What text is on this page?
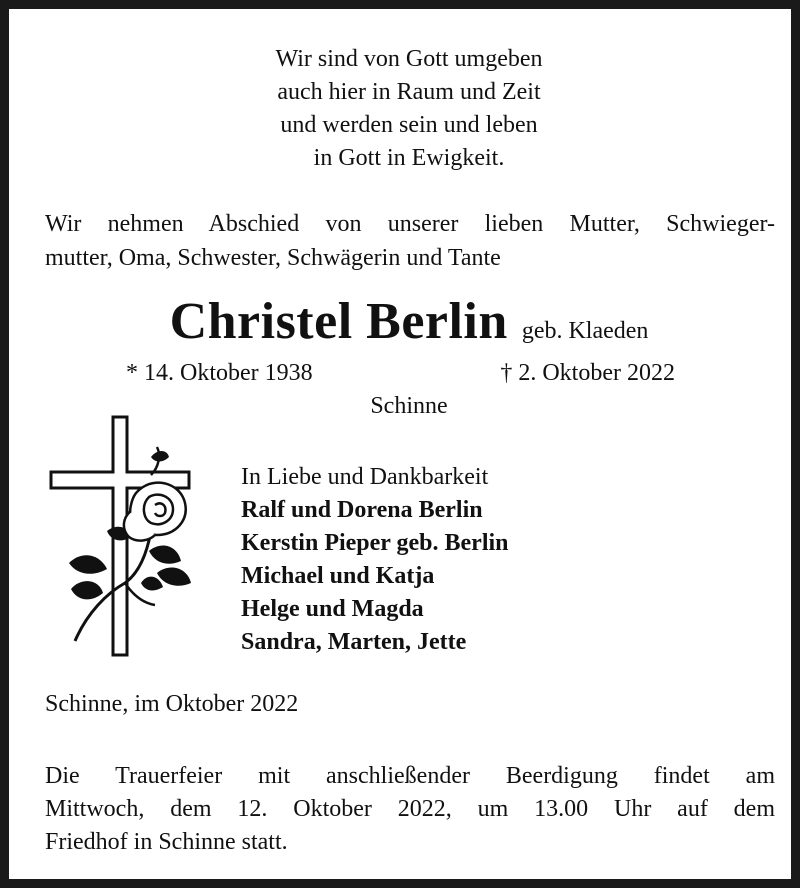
Wir sind von Gott umgeben
auch hier in Raum und Zeit
und werden sein und leben
in Gott in Ewigkeit.
Wir nehmen Abschied von unserer lieben Mutter, Schwieger-
mutter, Oma, Schwester, Schwägerin und Tante
Christel Berlin geb. Klaeden
* 14. Oktober 1938	† 2. Oktober 2022
Schinne
In Liebe und Dankbarkeit
Ralf und Dorena Berlin
Kerstin Pieper geb. Berlin
Michael und Katja
Helge und Magda
Sandra, Marten, Jette
Schinne, im Oktober 2022
Die Trauerfeier mit anschließender Beerdigung findet am
Mittwoch, dem 12. Oktober 2022, um 13.00 Uhr auf dem
Friedhof in Schinne statt.
